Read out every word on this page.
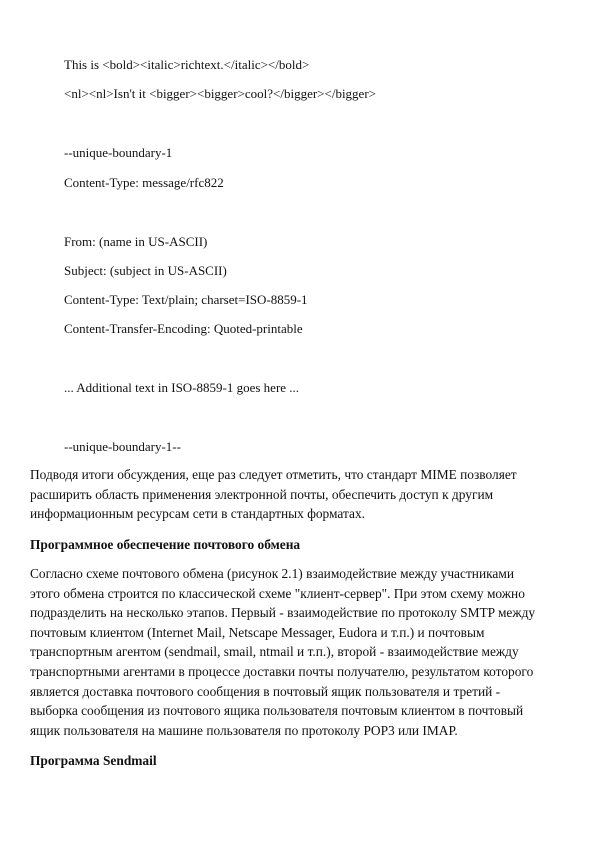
This is <bold><italic>richtext.</italic></bold>

<nl><nl>Isn't it <bigger><bigger>cool?</bigger></bigger>

--unique-boundary-1

Content-Type: message/rfc822

From: (name in US-ASCII)

Subject: (subject in US-ASCII)

Content-Type: Text/plain; charset=ISO-8859-1

Content-Transfer-Encoding: Quoted-printable

... Additional text in ISO-8859-1 goes here ...

--unique-boundary-1--

Подводя итоги обсуждения, еще раз следует отметить, что стандарт MIME позволяет
расширить область применения электронной почты, обеспечить доступ к другим
информационным ресурсам сети в стандартных форматах.
Программное обеспечение почтового обмена
Согласно схеме почтового обмена (рисунок 2.1) взаимодействие между участниками
этого обмена строится по классической схеме "клиент-сервер". При этом схему можно
подразделить на несколько этапов. Первый - взаимодействие по протоколу SMTP между
почтовым клиентом (Internet Mail, Netscape Messager, Eudora и т.п.) и почтовым
транспортным агентом (sendmail, smail, ntmail и т.п.), второй - взаимодействие между
транспортными агентами в процессе доставки почты получателю, результатом которого
является доставка почтового сообщения в почтовый ящик пользователя и третий -
выборка сообщения из почтового ящика пользователя почтовым клиентом в почтовый
ящик пользователя на машине пользователя по протоколу POP3 или IMAP.
Программа Sendmail
